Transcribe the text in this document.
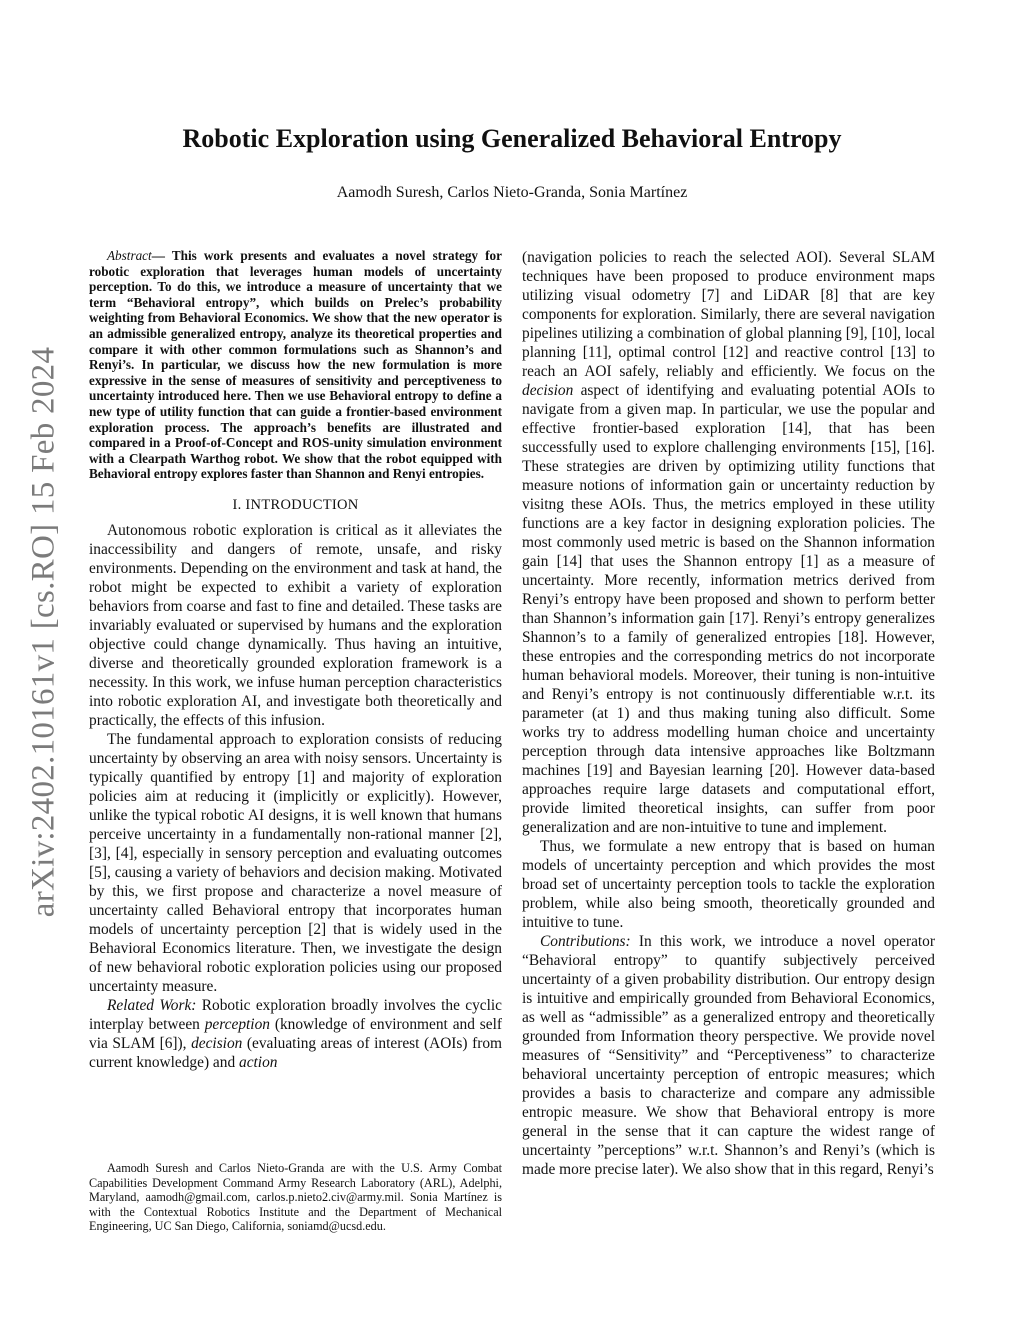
arXiv:2402.10161v1 [cs.RO] 15 Feb 2024
Robotic Exploration using Generalized Behavioral Entropy
Aamodh Suresh, Carlos Nieto-Granda, Sonia Martínez

Abstract— This work presents and evaluates a novel strategy for robotic exploration that leverages human models of uncertainty perception. To do this, we introduce a measure of uncertainty that we term “Behavioral entropy”, which builds on Prelec’s probability weighting from Behavioral Economics. We show that the new operator is an admissible generalized entropy, analyze its theoretical properties and compare it with other common formulations such as Shannon’s and Renyi’s. In particular, we discuss how the new formulation is more expressive in the sense of measures of sensitivity and perceptiveness to uncertainty introduced here. Then we use Behavioral entropy to define a new type of utility function that can guide a frontier-based environment exploration process. The approach’s benefits are illustrated and compared in a Proof-of-Concept and ROS-unity simulation environment with a Clearpath Warthog robot. We show that the robot equipped with Behavioral entropy explores faster than Shannon and Renyi entropies.

I. INTRODUCTION

Autonomous robotic exploration is critical as it alleviates the inaccessibility and dangers of remote, unsafe, and risky environments. Depending on the environment and task at hand, the robot might be expected to exhibit a variety of exploration behaviors from coarse and fast to fine and detailed. These tasks are invariably evaluated or supervised by humans and the exploration objective could change dynamically. Thus having an intuitive, diverse and theoretically grounded exploration framework is a necessity. In this work, we infuse human perception characteristics into robotic exploration AI, and investigate both theoretically and practically, the effects of this infusion.

The fundamental approach to exploration consists of reducing uncertainty by observing an area with noisy sensors. Uncertainty is typically quantified by entropy [1] and majority of exploration policies aim at reducing it (implicitly or explicitly). However, unlike the typical robotic AI designs, it is well known that humans perceive uncertainty in a fundamentally non-rational manner [2], [3], [4], especially in sensory perception and evaluating outcomes [5], causing a variety of behaviors and decision making. Motivated by this, we first propose and characterize a novel measure of uncertainty called Behavioral entropy that incorporates human models of uncertainty perception [2] that is widely used in the Behavioral Economics literature. Then, we investigate the design of new behavioral robotic exploration policies using our proposed uncertainty measure.

Related Work: Robotic exploration broadly involves the cyclic interplay between perception (knowledge of environment and self via SLAM [6]), decision (evaluating areas of interest (AOIs) from current knowledge) and action

Aamodh Suresh and Carlos Nieto-Granda are with the U.S. Army Combat Capabilities Development Command Army Research Laboratory (ARL), Adelphi, Maryland, aamodh@gmail.com, carlos.p.nieto2.civ@army.mil. Sonia Martínez is with the Contextual Robotics Institute and the Department of Mechanical Engineering, UC San Diego, California, soniamd@ucsd.edu.

(navigation policies to reach the selected AOI). Several SLAM techniques have been proposed to produce environment maps utilizing visual odometry [7] and LiDAR [8] that are key components for exploration. Similarly, there are several navigation pipelines utilizing a combination of global planning [9], [10], local planning [11], optimal control [12] and reactive control [13] to reach an AOI safely, reliably and efficiently. We focus on the decision aspect of identifying and evaluating potential AOIs to navigate from a given map. In particular, we use the popular and effective frontier-based exploration [14], that has been successfully used to explore challenging environments [15], [16]. These strategies are driven by optimizing utility functions that measure notions of information gain or uncertainty reduction by visitng these AOIs. Thus, the metrics employed in these utility functions are a key factor in designing exploration policies. The most commonly used metric is based on the Shannon information gain [14] that uses the Shannon entropy [1] as a measure of uncertainty. More recently, information metrics derived from Renyi’s entropy have been proposed and shown to perform better than Shannon’s information gain [17]. Renyi’s entropy generalizes Shannon’s to a family of generalized entropies [18]. However, these entropies and the corresponding metrics do not incorporate human behavioral models. Moreover, their tuning is non-intuitive and Renyi’s entropy is not continuously differentiable w.r.t. its parameter (at 1) and thus making tuning also difficult. Some works try to address modelling human choice and uncertainty perception through data intensive approaches like Boltzmann machines [19] and Bayesian learning [20]. However data-based approaches require large datasets and computational effort, provide limited theoretical insights, can suffer from poor generalization and are non-intuitive to tune and implement.

Thus, we formulate a new entropy that is based on human models of uncertainty perception and which provides the most broad set of uncertainty perception tools to tackle the exploration problem, while also being smooth, theoretically grounded and intuitive to tune.

Contributions: In this work, we introduce a novel operator “Behavioral entropy” to quantify subjectively perceived uncertainty of a given probability distribution. Our entropy design is intuitive and empirically grounded from Behavioral Economics, as well as “admissible” as a generalized entropy and theoretically grounded from Information theory perspective. We provide novel measures of “Sensitivity” and “Perceptiveness” to characterize behavioral uncertainty perception of entropic measures; which provides a basis to characterize and compare any admissible entropic measure. We show that Behavioral entropy is more general in the sense that it can capture the widest range of uncertainty ”perceptions” w.r.t. Shannon’s and Renyi’s (which is made more precise later). We also show that in this regard, Renyi’s
